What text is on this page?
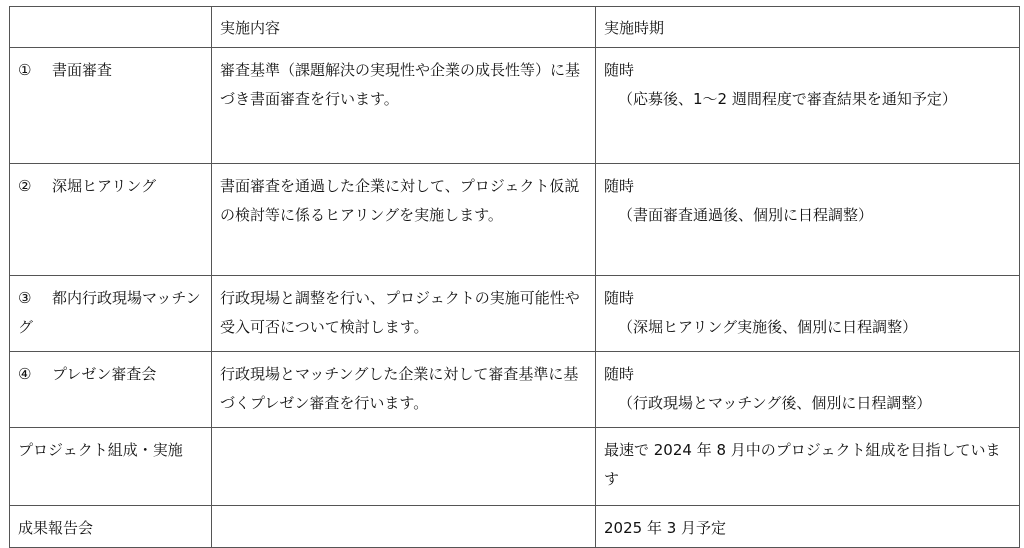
	実施内容	実施時期
① 書面審査	審査基準（課題解決の実現性や企業の成長性等）に基づき書面審査を行います。	随時
（応募後、1～2 週間程度で審査結果を通知予定）

② 深堀ヒアリング	書面審査を通過した企業に対して、プロジェクト仮説の検討等に係るヒアリングを実施します。	随時
（書面審査通過後、個別に日程調整）

③ 都内行政現場マッチング	行政現場と調整を行い、プロジェクトの実施可能性や受入可否について検討します。	随時
（深堀ヒアリング実施後、個別に日程調整）

④ プレゼン審査会	行政現場とマッチングした企業に対して審査基準に基づくプレゼン審査を行います。	随時
（行政現場とマッチング後、個別に日程調整）

プロジェクト組成・実施		最速で 2024 年 8 月中のプロジェクト組成を目指しています
成果報告会		2025 年 3 月予定
